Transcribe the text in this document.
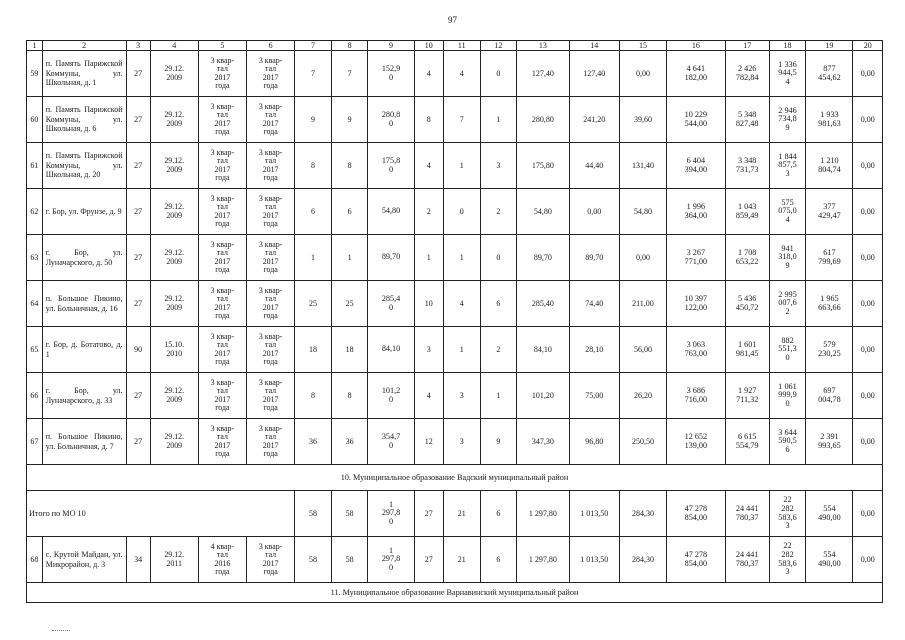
97
1	2	3	4	5	6	7	8	9	10	11	12	13	14	15	16	17	18	19	20
59	п. Память Парижской Коммуны, ул. Школьная, д. 1	27	29.12.
2009	3 квар-
тал
2017
года	3 квар-
тал
2017
года	7	7	152,9
0	4	4	0	127,40	127,40	0,00	4 641
182,00	2 426
782,84	1 336
944,5
4	877
454,62	0,00
60	п. Память Парижской Коммуны, ул. Школьная, д. 6	27	29.12.
2009	3 квар-
тал
2017
года	3 квар-
тал
2017
года	9	9	280,8
0	8	7	1	280,80	241,20	39,60	10 229
544,00	5 348
827,48	2 946
734,8
9	1 933
981,63	0,00
61	п. Память Парижской Коммуны, ул. Школьная, д. 20	27	29.12.
2009	3 квар-
тал
2017
года	3 квар-
тал
2017
года	8	8	175,8
0	4	1	3	175,80	44,40	131,40	6 404
394,00	3 348
731,73	1 844
857,5
3	1 210
804,74	0,00
62	г. Бор, ул. Фрунзе, д. 9	27	29.12.
2009	3 квар-
тал
2017
года	3 квар-
тал
2017
года	6	6	54,80	2	0	2	54,80	0,00	54,80	1 996
364,00	1 043
859,49	575
075,0
4	377
429,47	0,00
63	г. Бор, ул. Луначарского, д. 50	27	29.12.
2009	3 квар-
тал
2017
года	3 квар-
тал
2017
года	1	1	89,70	1	1	0	89,70	89,70	0,00	3 267
771,00	1 708
653,22	941
318,0
9	617
799,69	0,00
64	п. Большое Пикино, ул. Больничная, д. 16	27	29.12.
2009	3 квар-
тал
2017
года	3 квар-
тал
2017
года	25	25	285,4
0	10	4	6	285,40	74,40	211,00	10 397
122,00	5 436
450,72	2 995
007,6
2	1 965
663,66	0,00
65	г. Бор, д. Ботатово, д. 1	90	15.10.
2010	3 квар-
тал
2017
года	3 квар-
тал
2017
года	18	18	84,10	3	1	2	84,10	28,10	56,00	3 063
763,00	1 601
981,45	882
551,3
0	579
230,25	0,00
66	г. Бор, ул. Луначарского, д. 33	27	29.12.
2009	3 квар-
тал
2017
года	3 квар-
тал
2017
года	8	8	101,2
0	4	3	1	101,20	75,00	26,20	3 686
716,00	1 927
711,32	1 061
999,9
0	697
004,78	0,00
67	п. Большое Пикино, ул. Больничная, д. 7	27	29.12.
2009	3 квар-
тал
2017
года	3 квар-
тал
2017
года	36	36	354,7
0	12	3	9	347,30	96,80	250,50	12 652
139,00	6 615
554,79	3 644
590,5
6	2 391
993,65	0,00
10. Муниципальное образование Вадский муниципальный район																			
Итого по МО 10						58	58	1
297,8
0	27	21	6	1 297,80	1 013,50	284,30	47 278
854,00	24 441
780,37	22
282
583,6
3	554
490,00	0,00
68	с. Крутой Майдан, ул. Микрорайон, д. 3	34	29.12.
2011	4 квар-
тал
2016
года	3 квар-
тал
2017
года	58	58	1
297,8
0	27	21	6	1 297,80	1 013,50	284,30	47 278
854,00	24 441
780,37	22
282
583,6
3	554
490,00	0,00
11. Муниципальное образование Варнавинский муниципальный район																			
